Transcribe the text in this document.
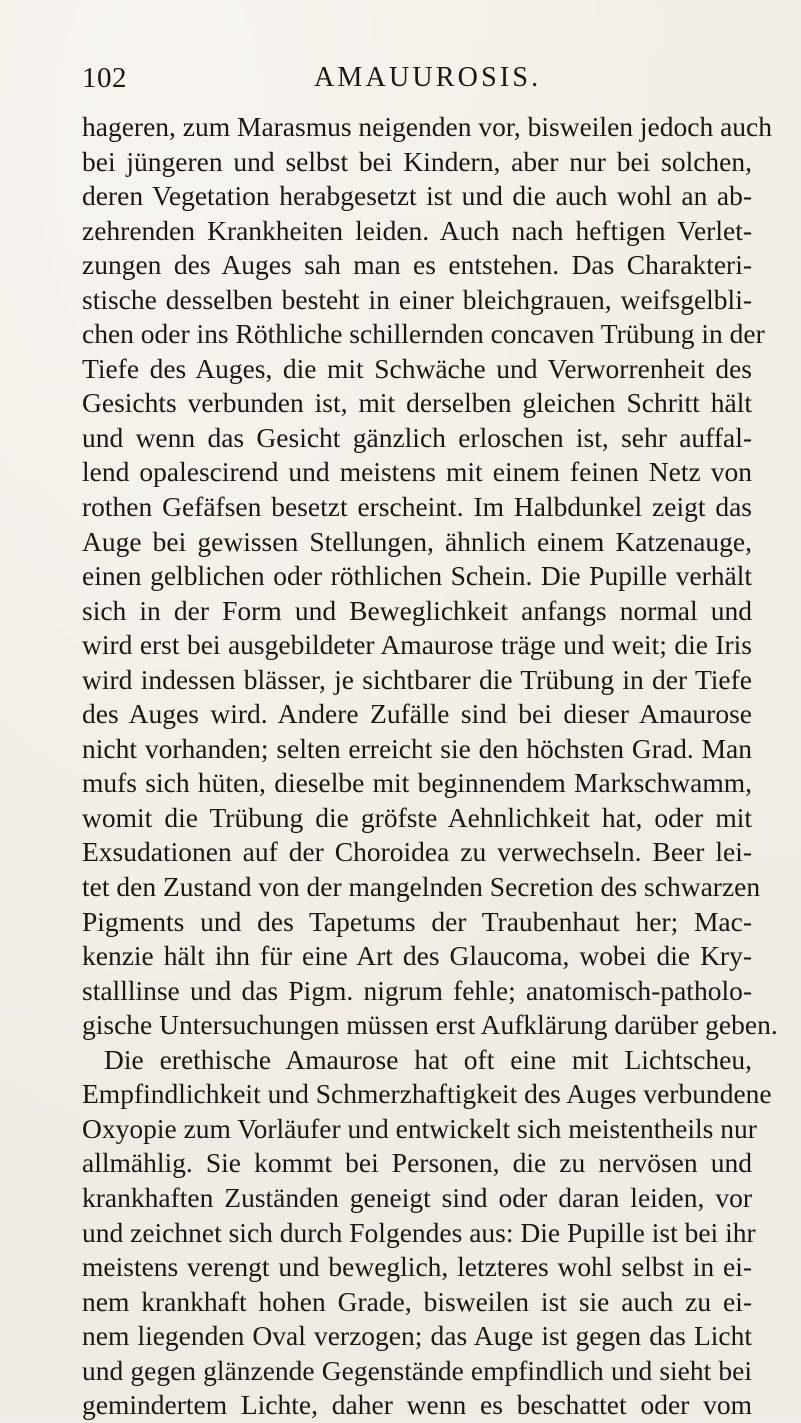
102	AMAUUROSIS.
hageren, zum Marasmus neigenden vor, bisweilen jedoch auch
bei jüngeren und selbst bei Kindern, aber nur bei solchen,
deren Vegetation herabgesetzt ist und die auch wohl an ab-
zehrenden Krankheiten leiden. Auch nach heftigen Verlet-
zungen des Auges sah man es entstehen. Das Charakteri-
stische desselben besteht in einer bleichgrauen, weifsgelbli-
chen oder ins Röthliche schillernden concaven Trübung in der
Tiefe des Auges, die mit Schwäche und Verworrenheit des
Gesichts verbunden ist, mit derselben gleichen Schritt hält
und wenn das Gesicht gänzlich erloschen ist, sehr auffal-
lend opalescirend und meistens mit einem feinen Netz von
rothen Gefäfsen besetzt erscheint. Im Halbdunkel zeigt das
Auge bei gewissen Stellungen, ähnlich einem Katzenauge,
einen gelblichen oder röthlichen Schein. Die Pupille verhält
sich in der Form und Beweglichkeit anfangs normal und
wird erst bei ausgebildeter Amaurose träge und weit; die Iris
wird indessen blässer, je sichtbarer die Trübung in der Tiefe
des Auges wird. Andere Zufälle sind bei dieser Amaurose
nicht vorhanden; selten erreicht sie den höchsten Grad. Man
mufs sich hüten, dieselbe mit beginnendem Markschwamm,
womit die Trübung die gröfste Aehnlichkeit hat, oder mit
Exsudationen auf der Choroidea zu verwechseln. Beer lei-
tet den Zustand von der mangelnden Secretion des schwarzen
Pigments und des Tapetums der Traubenhaut her; Mac-
kenzie hält ihn für eine Art des Glaucoma, wobei die Kry-
stalllinse und das Pigm. nigrum fehle; anatomisch-patholo-
gische Untersuchungen müssen erst Aufklärung darüber geben.
Die erethische Amaurose hat oft eine mit Lichtscheu,
Empfindlichkeit und Schmerzhaftigkeit des Auges verbundene
Oxyopie zum Vorläufer und entwickelt sich meistentheils nur
allmählig. Sie kommt bei Personen, die zu nervösen und
krankhaften Zuständen geneigt sind oder daran leiden, vor
und zeichnet sich durch Folgendes aus: Die Pupille ist bei ihr
meistens verengt und beweglich, letzteres wohl selbst in ei-
nem krankhaft hohen Grade, bisweilen ist sie auch zu ei-
nem liegenden Oval verzogen; das Auge ist gegen das Licht
und gegen glänzende Gegenstände empfindlich und sieht bei
gemindertem Lichte, daher wenn es beschattet oder vom
